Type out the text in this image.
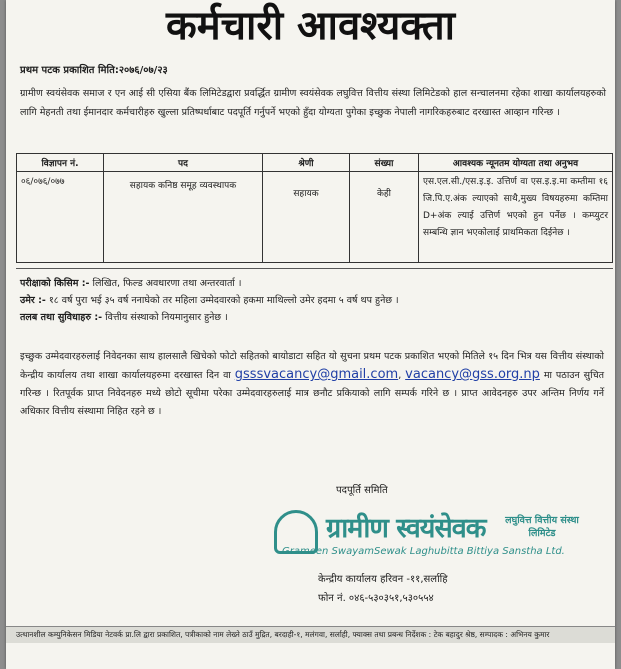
कर्मचारी आवश्यक्ता
प्रथम पटक प्रकाशित मिति:२०७६/०७/२३
ग्रामीण स्वयंसेवक समाज र एन आई सी एसिया बैंक लिमिटेडद्वारा प्रवर्द्धित ग्रामीण स्वयंसेवक लघुवित्त वित्तीय संस्था लिमिटेडको हाल सन्चालनमा रहेका शाखा कार्यालयहरुको लागि मेहनती तथा ईमानदार कर्मचारीहरु खुल्ला प्रतिष्पर्धाबाट पदपूर्ति गर्नुपर्ने भएको हुँदा योग्यता पुगेका इच्छुक नेपाली नागरिकहरुबाट दरखास्त आव्हान गरिन्छ ।
विज्ञापन नं.	पद	श्रेणी	संख्या	आवश्यक न्यूनतम योग्यता तथा अनुभव
०६/०७६/०७७	सहायक कनिष्ठ समूह व्यवस्थापक	सहायक	केही	एस.एल.सी./एस.इ.इ. उत्तिर्ण वा एस.इ.इ.मा कम्तीमा १६ जि.पि.ए.अंक ल्याएको साथै,मुख्य विषयहरुमा कम्तिमा D+अंक ल्याई उत्तिर्ण भएको हुन पर्नेछ । कम्प्युटर सम्बन्धि ज्ञान भएकोलाई प्राथमिकता दिईनेछ ।
परीक्षाको किसिम :- लिखित, फिल्ड अवधारणा तथा अन्तरवार्ता ।
उमेर :- १८ वर्ष पुरा भई ३५ वर्ष ननाघेको तर महिला उम्मेदवारको हकमा माथिल्लो उमेर हदमा ५ वर्ष थप हुनेछ ।
तलब तथा सुविधाहरु :- वित्तीय संस्थाको नियमानुसार हुनेछ ।
इच्छुक उम्मेदवारहरुलाई निवेदनका साथ हालसालै खिचेको फोटो सहितको बायोडाटा सहित यो सुचना प्रथम पटक प्रकाशित भएको मितिले १५ दिन भित्र यस वित्तीय संस्थाको केन्द्रीय कार्यालय तथा शाखा कार्यालयहरुमा दरखास्त दिन वा gsssvacancy@gmail.com, vacancy@gss.org.np मा पठाउन सुचित गरिन्छ । रितपूर्वक प्राप्त निवेदनहरु मध्ये छोटो सूचीमा परेका उम्मेदवारहरुलाई मात्र छनौट प्रकियाको लागि सम्पर्क गरिने छ । प्राप्त आवेदनहरु उपर अन्तिम निर्णय गर्ने अधिकार वित्तीय संस्थामा निहित रहने छ ।
पदपूर्ति समिति
ग्रामीण स्वयंसेवक	लघुवित्त वित्तीय संस्था लिमिटेड
Grameen SwayamSewak Laghubitta Bittiya Sanstha Ltd.
केन्द्रीय कार्यालय हरिवन -११,सर्लाहि
फोन नं. ०४६-५३०३५१,५३०५५४
उत्थानशील कम्युनिकेसन मिडिया नेटवर्क प्रा.लि द्वारा प्रकाशित, पत्रीकाको नाम लेख्ने ठाउँ मुद्रित, बरदाही-१, मलंगवा, सर्लाही, फ्याक्स तथा प्रबन्ध निर्देशक : टेक बहादुर श्रेष्ठ, सम्पादक : अभिनय कुमार
